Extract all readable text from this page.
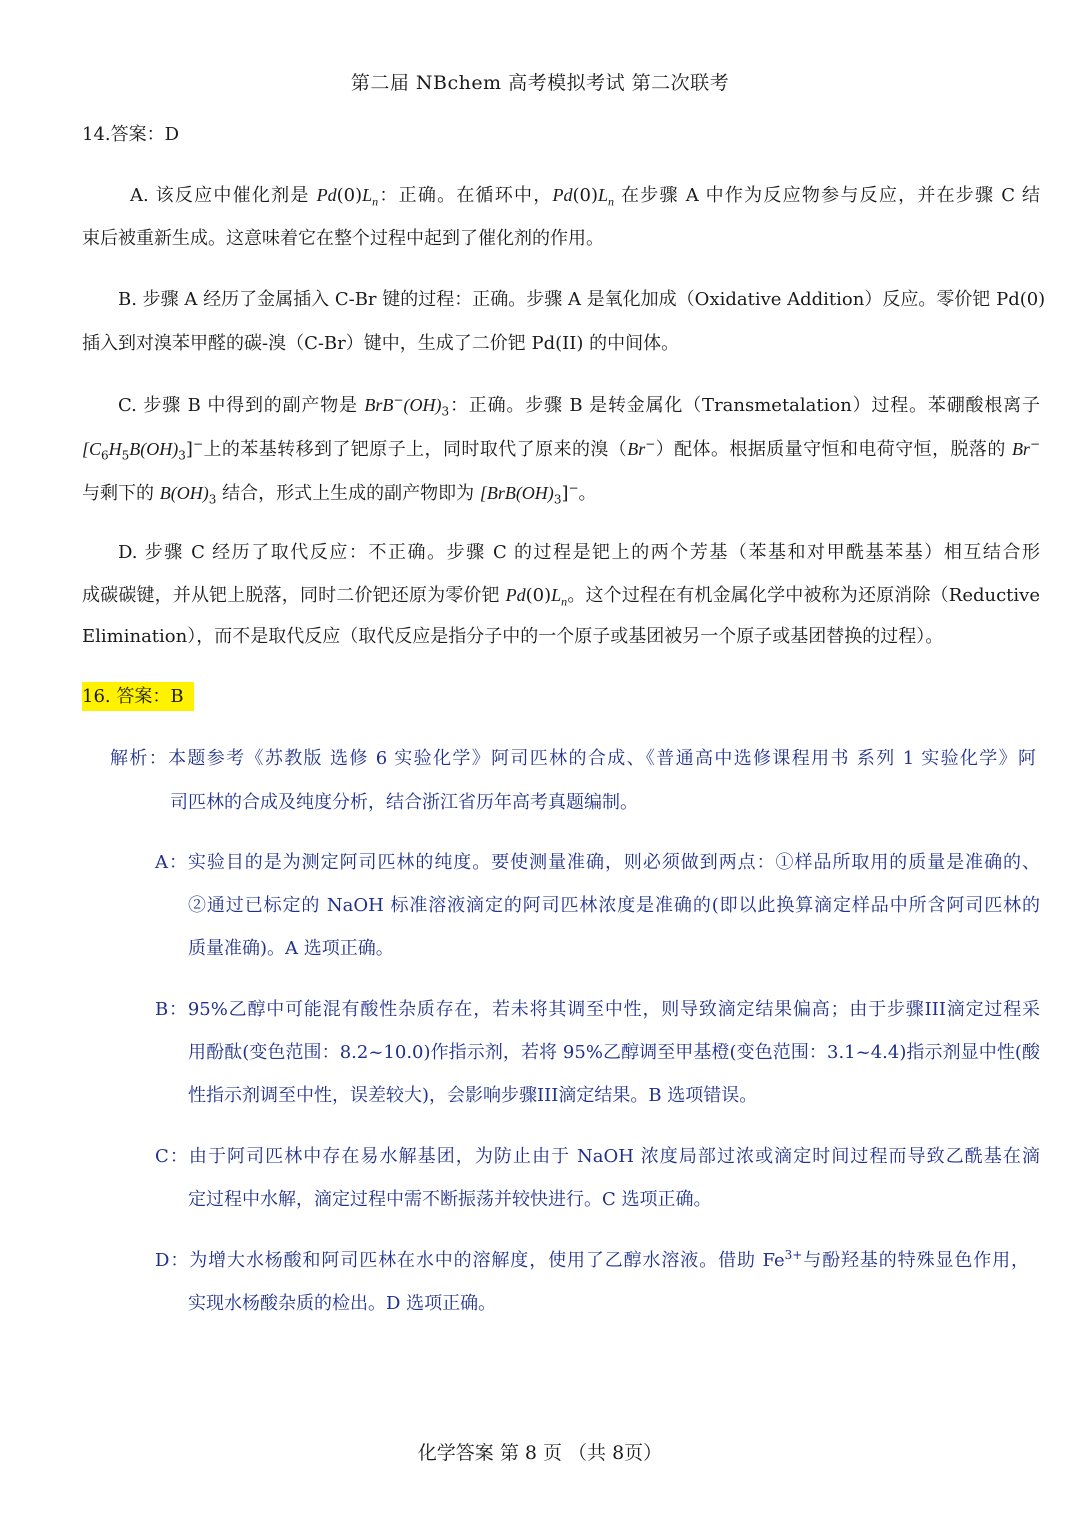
第二届 NBchem 高考模拟考试 第二次联考
14.答案：D
A. 该反应中催化剂是 $Pd(0)L_n$：正确。在循环中，$Pd(0)L_n$ 在步骤 A 中作为反应物参与反应，并在步骤 C 结
束后被重新生成。这意味着它在整个过程中起到了催化剂的作用。
B. 步骤 A 经历了金属插入 C-Br 键的过程：正确。步骤 A 是氧化加成（Oxidative Addition）反应。零价钯 Pd(0)
插入到对溴苯甲醛的碳-溴（C-Br）键中，生成了二价钯 Pd(II) 的中间体。
C. 步骤 B 中得到的副产物是 $BrB^-(OH)_3$：正确。步骤 B 是转金属化（Transmetalation）过程。苯硼酸根离子
$[C_6H_5B(OH)_3]^-$上的苯基转移到了钯原子上，同时取代了原来的溴（Br−）配体。根据质量守恒和电荷守恒，脱落的 Br−
与剩下的 $B(OH)_3$ 结合，形式上生成的副产物即为 $[BrB(OH)_3]^-$。
D. 步骤 C 经历了取代反应：不正确。步骤 C 的过程是钯上的两个芳基（苯基和对甲酰基苯基）相互结合形
成碳碳键，并从钯上脱落，同时二价钯还原为零价钯 $Pd(0)L_n$。这个过程在有机金属化学中被称为还原消除（Reductive
Elimination），而不是取代反应（取代反应是指分子中的一个原子或基团被另一个原子或基团替换的过程）。
16. 答案：B
解析：本题参考《苏教版 选修 6 实验化学》阿司匹林的合成、《普通高中选修课程用书 系列 1 实验化学》阿
司匹林的合成及纯度分析，结合浙江省历年高考真题编制。
A：实验目的是为测定阿司匹林的纯度。要使测量准确，则必须做到两点：①样品所取用的质量是准确的、
②通过已标定的 NaOH 标准溶液滴定的阿司匹林浓度是准确的(即以此换算滴定样品中所含阿司匹林的
质量准确)。A 选项正确。
B：95%乙醇中可能混有酸性杂质存在，若未将其调至中性，则导致滴定结果偏高；由于步骤III滴定过程采
用酚酞(变色范围：8.2~10.0)作指示剂，若将 95%乙醇调至甲基橙(变色范围：3.1~4.4)指示剂显中性(酸
性指示剂调至中性，误差较大)，会影响步骤III滴定结果。B 选项错误。
C：由于阿司匹林中存在易水解基团，为防止由于 NaOH 浓度局部过浓或滴定时间过程而导致乙酰基在滴
定过程中水解，滴定过程中需不断振荡并较快进行。C 选项正确。
D：为增大水杨酸和阿司匹林在水中的溶解度，使用了乙醇水溶液。借助 $Fe^{3+}$与酚羟基的特殊显色作用，
实现水杨酸杂质的检出。D 选项正确。
化学答案 第 8 页 （共 8页）
